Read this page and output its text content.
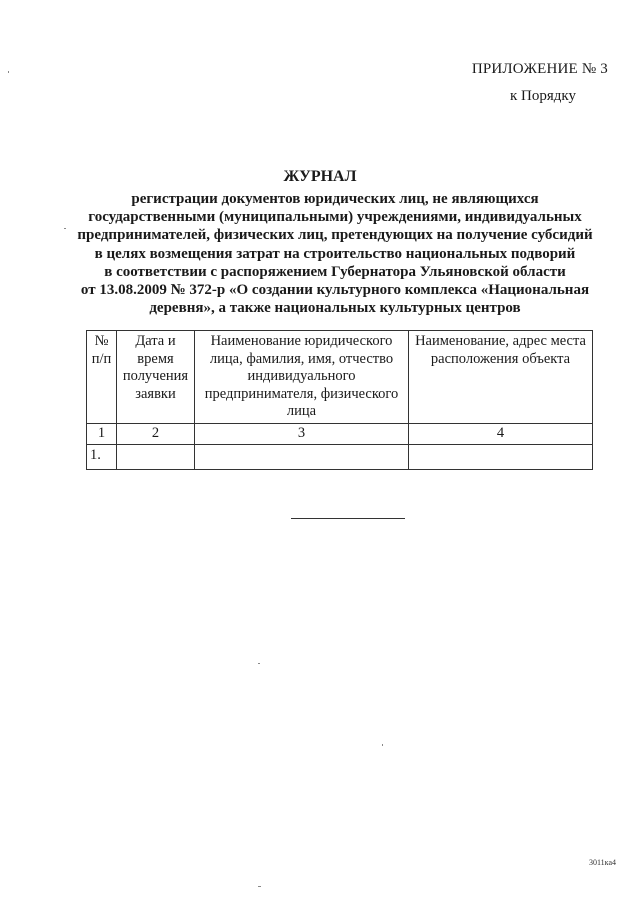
ПРИЛОЖЕНИЕ № 3
к Порядку
ЖУРНАЛ
регистрации документов юридических лиц, не являющихся
государственными (муниципальными) учреждениями, индивидуальных
предпринимателей, физических лиц, претендующих на получение субсидий
в целях возмещения затрат на строительство национальных подворий
в соответствии с распоряжением Губернатора Ульяновской области
от 13.08.2009 № 372-р «О создании культурного комплекса «Национальная
деревня», а также национальных культурных центров
№ п/п	Дата и время получения заявки	Наименование юридического лица, фамилия, имя, отчество индивидуального предпринимателя, физического лица	Наименование, адрес места расположения объекта
1	2	3	4
1.			
3011ка4
